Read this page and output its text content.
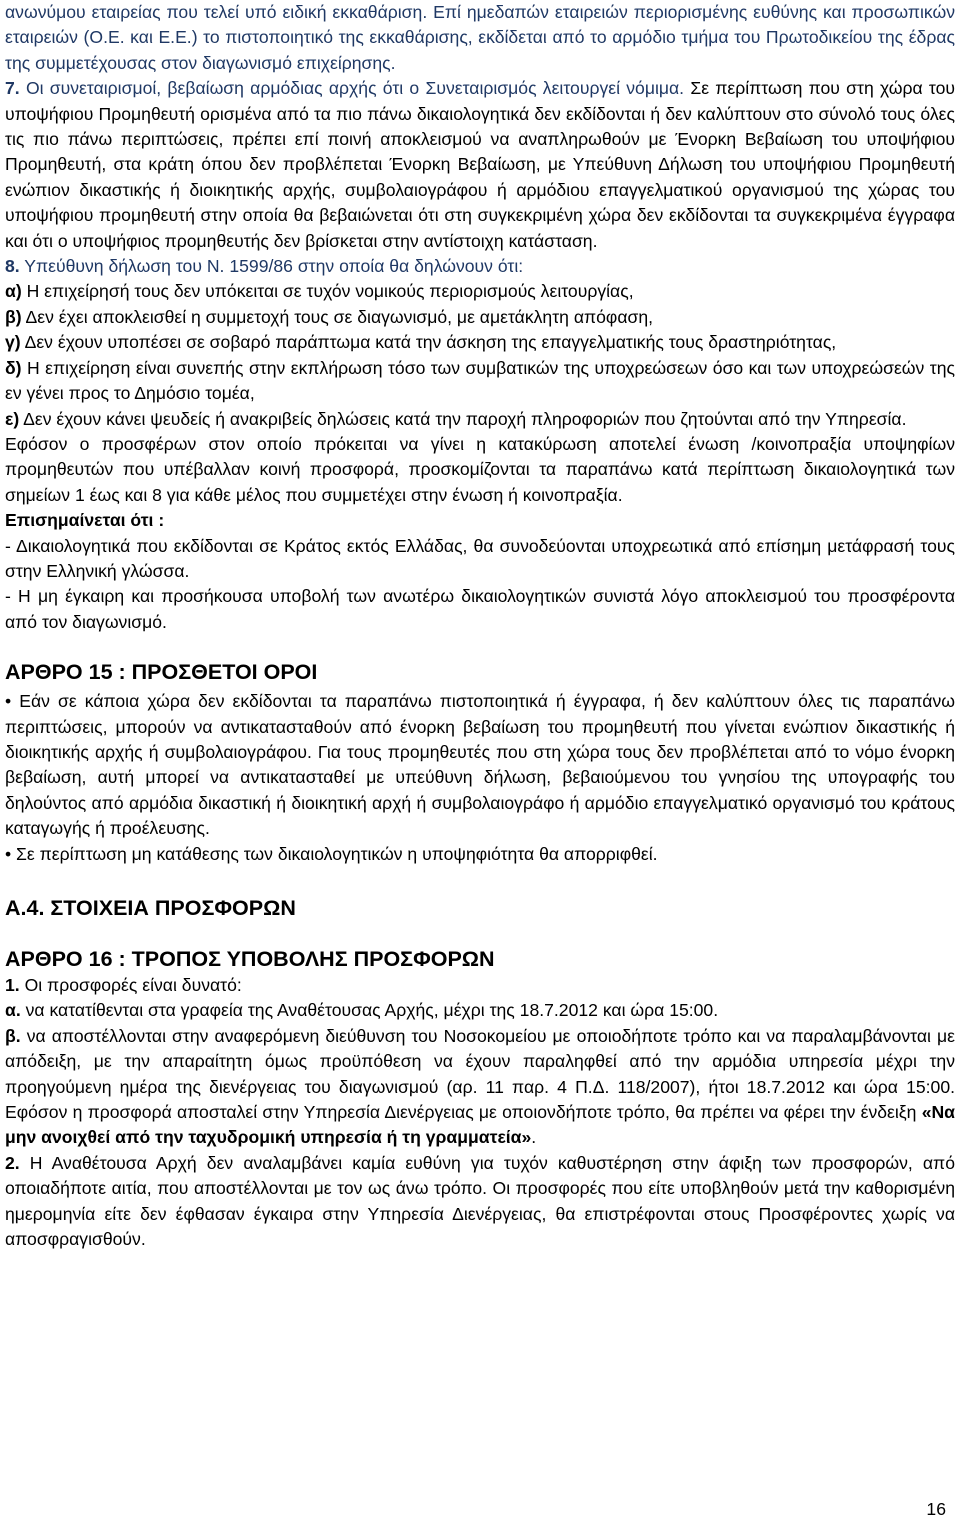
ανωνύμου εταιρείας που τελεί υπό ειδική εκκαθάριση. Επί ημεδαπών εταιρειών περιορισμένης ευθύνης και προσωπικών εταιρειών (Ο.Ε. και Ε.Ε.) το πιστοποιητικό της εκκαθάρισης, εκδίδεται από το αρμόδιο τμήμα του Πρωτοδικείου της έδρας της συμμετέχουσας στον διαγωνισμό επιχείρησης.

7. Οι συνεταιρισμοί, βεβαίωση αρμόδιας αρχής ότι ο Συνεταιρισμός λειτουργεί νόμιμα. Σε περίπτωση που στη χώρα του υποψήφιου Προμηθευτή ορισμένα από τα πιο πάνω δικαιολογητικά δεν εκδίδονται ή δεν καλύπτουν στο σύνολό τους όλες τις πιο πάνω περιπτώσεις, πρέπει επί ποινή αποκλεισμού να αναπληρωθούν με Ένορκη Βεβαίωση του υποψήφιου Προμηθευτή, στα κράτη όπου δεν προβλέπεται Ένορκη Βεβαίωση, με Υπεύθυνη Δήλωση του υποψήφιου Προμηθευτή ενώπιον δικαστικής ή διοικητικής αρχής, συμβολαιογράφου ή αρμόδιου επαγγελματικού οργανισμού της χώρας του υποψήφιου προμηθευτή στην οποία θα βεβαιώνεται ότι στη συγκεκριμένη χώρα δεν εκδίδονται τα συγκεκριμένα έγγραφα και ότι ο υποψήφιος προμηθευτής δεν βρίσκεται στην αντίστοιχη κατάσταση.

8. Υπεύθυνη δήλωση του Ν. 1599/86 στην οποία θα δηλώνουν ότι:

α) Η επιχείρησή τους δεν υπόκειται σε τυχόν νομικούς περιορισμούς λειτουργίας,

β) Δεν έχει αποκλεισθεί η συμμετοχή τους σε διαγωνισμό, με αμετάκλητη απόφαση,

γ) Δεν έχουν υποπέσει σε σοβαρό παράπτωμα κατά την άσκηση της επαγγελματικής τους δραστηριότητας,

δ) Η επιχείρηση είναι συνεπής στην εκπλήρωση τόσο των συμβατικών της υποχρεώσεων όσο και των υποχρεώσεών της εν γένει προς το Δημόσιο τομέα,

ε) Δεν έχουν κάνει ψευδείς ή ανακριβείς δηλώσεις κατά την παροχή πληροφοριών που ζητούνται από την Υπηρεσία.

Εφόσον ο προσφέρων στον οποίο πρόκειται να γίνει η κατακύρωση αποτελεί ένωση /κοινοπραξία υποψηφίων προμηθευτών που υπέβαλλαν κοινή προσφορά, προσκομίζονται τα παραπάνω κατά περίπτωση δικαιολογητικά των σημείων 1 έως και 8 για κάθε μέλος που συμμετέχει στην ένωση ή κοινοπραξία.

Επισημαίνεται ότι :

- Δικαιολογητικά που εκδίδονται σε Κράτος εκτός Ελλάδας, θα συνοδεύονται υποχρεωτικά από επίσημη μετάφρασή τους στην Ελληνική γλώσσα.

- Η μη έγκαιρη και προσήκουσα υποβολή των ανωτέρω δικαιολογητικών συνιστά λόγο αποκλεισμού του προσφέροντα από τον διαγωνισμό.

ΑΡΘΡΟ 15 : ΠΡΟΣΘΕΤΟΙ ΟΡΟΙ

• Εάν σε κάποια χώρα δεν εκδίδονται τα παραπάνω πιστοποιητικά ή έγγραφα, ή δεν καλύπτουν όλες τις παραπάνω περιπτώσεις, μπορούν να αντικατασταθούν από ένορκη βεβαίωση του προμηθευτή που γίνεται ενώπιον δικαστικής ή διοικητικής αρχής ή συμβολαιογράφου. Για τους προμηθευτές που στη χώρα τους δεν προβλέπεται από το νόμο ένορκη βεβαίωση, αυτή μπορεί να αντικατασταθεί με υπεύθυνη δήλωση, βεβαιούμενου του γνησίου της υπογραφής του δηλούντος από αρμόδια δικαστική ή διοικητική αρχή ή συμβολαιογράφο ή αρμόδιο επαγγελματικό οργανισμό του κράτους καταγωγής ή προέλευσης.

• Σε περίπτωση μη κατάθεσης των δικαιολογητικών η υποψηφιότητα θα απορριφθεί.

Α.4. ΣΤΟΙΧΕΙΑ ΠΡΟΣΦΟΡΩΝ
ΑΡΘΡΟ 16 : ΤΡΟΠΟΣ ΥΠΟΒΟΛΗΣ ΠΡΟΣΦΟΡΩΝ

1. Οι προσφορές είναι δυνατό:

α. να κατατίθενται στα γραφεία της Αναθέτουσας Αρχής, μέχρι της 18.7.2012 και ώρα 15:00.

β. να αποστέλλονται στην αναφερόμενη διεύθυνση του Νοσοκομείου με οποιοδήποτε τρόπο και να παραλαμβάνονται με απόδειξη, με την απαραίτητη όμως προϋπόθεση να έχουν παραληφθεί από την αρμόδια υπηρεσία μέχρι την προηγούμενη ημέρα της διενέργειας του διαγωνισμού (αρ. 11 παρ. 4 Π.Δ. 118/2007), ήτοι 18.7.2012 και ώρα 15:00. Εφόσον η προσφορά αποσταλεί στην Υπηρεσία Διενέργειας με οποιονδήποτε τρόπο, θα πρέπει να φέρει την ένδειξη «Να μην ανοιχθεί από την ταχυδρομική υπηρεσία ή τη γραμματεία».

2. Η Αναθέτουσα Αρχή δεν αναλαμβάνει καμία ευθύνη για τυχόν καθυστέρηση στην άφιξη των προσφορών, από οποιαδήποτε αιτία, που αποστέλλονται με τον ως άνω τρόπο. Οι προσφορές που είτε υποβληθούν μετά την καθορισμένη ημερομηνία είτε δεν έφθασαν έγκαιρα στην Υπηρεσία Διενέργειας, θα επιστρέφονται στους Προσφέροντες χωρίς να αποσφραγισθούν.

16
